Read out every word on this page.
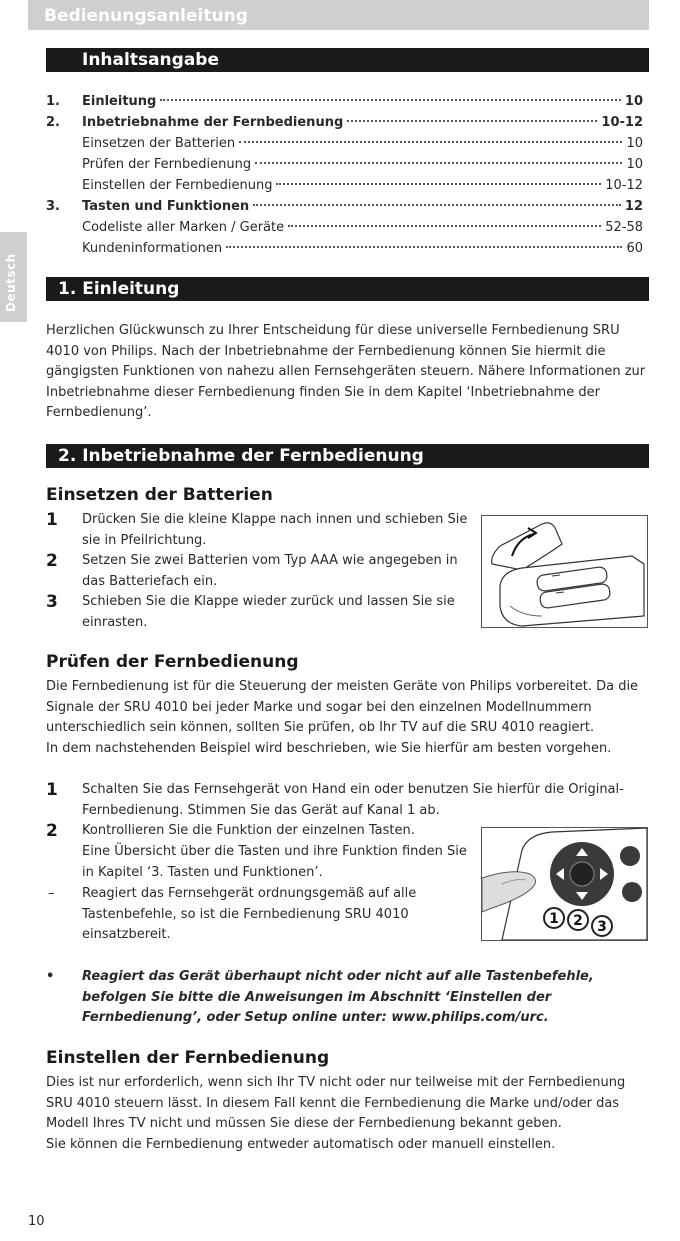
Bedienungsanleitung
Deutsch
Inhaltsangabe
1. Einleitung	10
2. Inbetriebnahme der Fernbedienung	10-12
Einsetzen der Batterien	10
Prüfen der Fernbedienung	10
Einstellen der Fernbedienung	10-12
3. Tasten und Funktionen	12
Codeliste aller Marken / Geräte	52-58
Kundeninformationen	60
1. Einleitung

Herzlichen Glückwunsch zu Ihrer Entscheidung für diese universelle Fernbedienung SRU 4010 von Philips. Nach der Inbetriebnahme der Fernbedienung können Sie hiermit die gängigsten Funktionen von nahezu allen Fernsehgeräten steuern. Nähere Informationen zur Inbetriebnahme dieser Fernbedienung finden Sie in dem Kapitel ‘Inbetriebnahme der Fernbedienung’.

2. Inbetriebnahme der Fernbedienung
Einsetzen der Batterien
1 Drücken Sie die kleine Klappe nach innen und schieben Sie sie in Pfeilrichtung.
2 Setzen Sie zwei Batterien vom Typ AAA wie angegeben in das Batteriefach ein.
3 Schieben Sie die Klappe wieder zurück und lassen Sie sie einrasten.
Prüfen der Fernbedienung

Die Fernbedienung ist für die Steuerung der meisten Geräte von Philips vorbereitet. Da die Signale der SRU 4010 bei jeder Marke und sogar bei den einzelnen Modellnummern unterschiedlich sein können, sollten Sie prüfen, ob Ihr TV auf die SRU 4010 reagiert.

In dem nachstehenden Beispiel wird beschrieben, wie Sie hierfür am besten vorgehen.

1 Schalten Sie das Fernsehgerät von Hand ein oder benutzen Sie hierfür die Original-Fernbedienung. Stimmen Sie das Gerät auf Kanal 1 ab.
2 Kontrollieren Sie die Funktion der einzelnen Tasten.
Eine Übersicht über die Tasten und ihre Funktion finden Sie in Kapitel ‘3. Tasten und Funktionen’.
– Reagiert das Fernsehgerät ordnungsgemäß auf alle Tastenbefehle, so ist die Fernbedienung SRU 4010 einsatzbereit.
1 2 3
• Reagiert das Gerät überhaupt nicht oder nicht auf alle Tastenbefehle, befolgen Sie bitte die Anweisungen im Abschnitt ‘Einstellen der Fernbedienung’, oder Setup online unter: www.philips.com/urc.
Einstellen der Fernbedienung

Dies ist nur erforderlich, wenn sich Ihr TV nicht oder nur teilweise mit der Fernbedienung SRU 4010 steuern lässt. In diesem Fall kennt die Fernbedienung die Marke und/oder das Modell Ihres TV nicht und müssen Sie diese der Fernbedienung bekannt geben.

Sie können die Fernbedienung entweder automatisch oder manuell einstellen.

10
